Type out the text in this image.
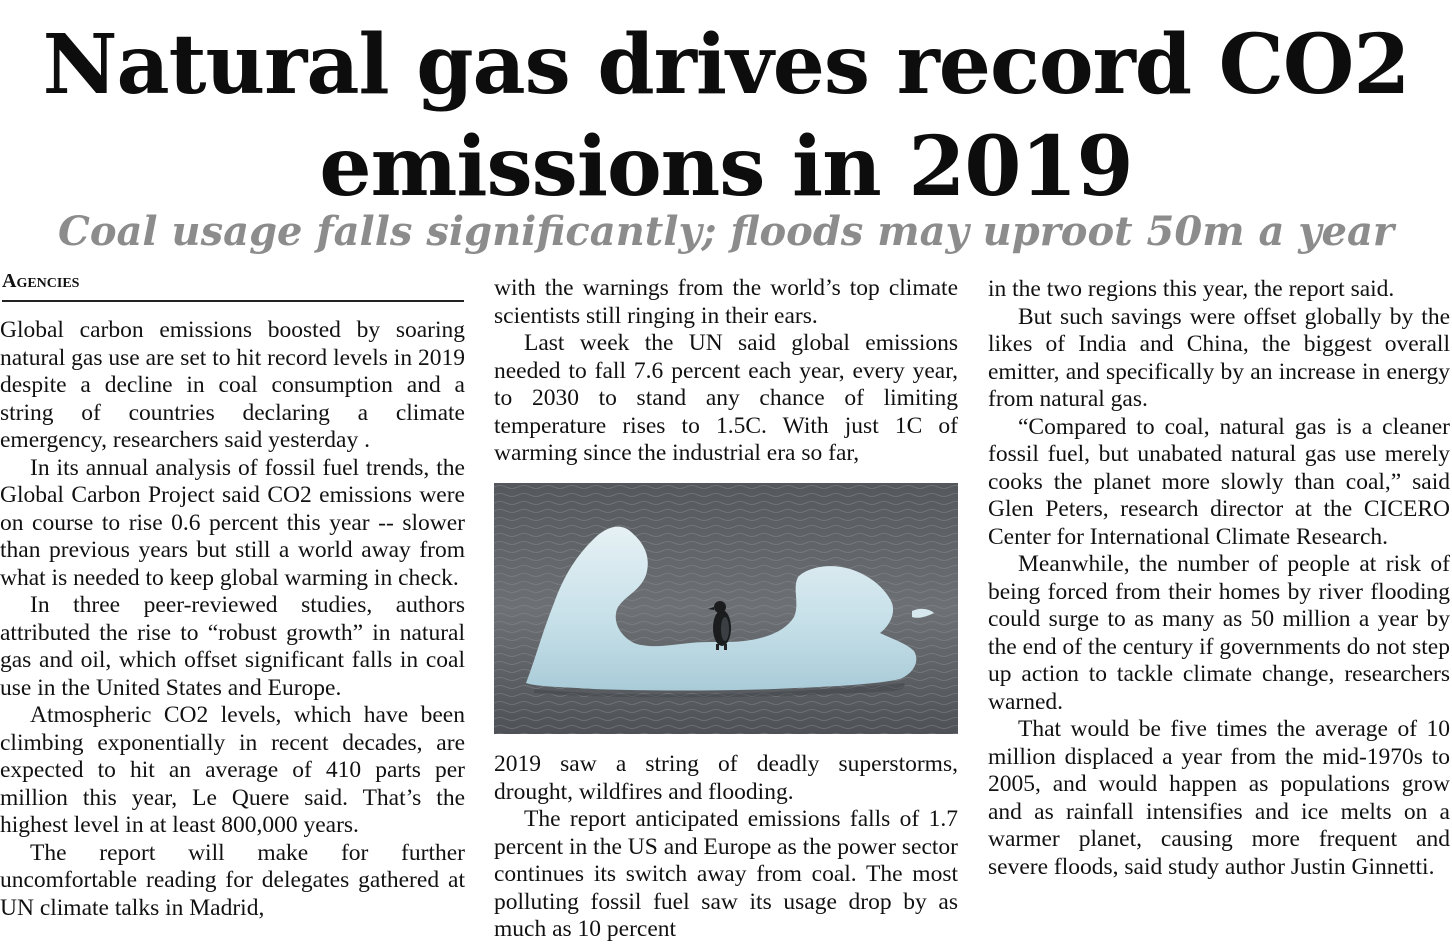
Natural gas drives record CO2
emissions in 2019
Coal usage falls significantly; floods may uproot 50m a year
Agencies

Global carbon emissions boosted by soaring natural gas use are set to hit record levels in 2019 despite a decline in coal consumption and a string of countries declaring a climate emergency, researchers said yesterday .

In its annual analysis of fossil fuel trends, the Global Carbon Project said CO2 emissions were on course to rise 0.6 percent this year -- slower than previous years but still a world away from what is needed to keep global warming in check.

In three peer-reviewed studies, authors attributed the rise to “robust growth” in natural gas and oil, which offset significant falls in coal use in the United States and Europe.

Atmospheric CO2 levels, which have been climbing exponentially in recent decades, are expected to hit an average of 410 parts per million this year, Le Quere said. That’s the highest level in at least 800,000 years.

The report will make for further uncomfortable reading for delegates gathered at UN climate talks in Madrid,

with the warnings from the world’s top climate scientists still ringing in their ears.

Last week the UN said global emissions needed to fall 7.6 percent each year, every year, to 2030 to stand any chance of limiting temperature rises to 1.5C. With just 1C of warming since the industrial era so far,

2019 saw a string of deadly superstorms, drought, wildfires and flooding.

The report anticipated emissions falls of 1.7 percent in the US and Europe as the power sector continues its switch away from coal. The most polluting fossil fuel saw its usage drop by as much as 10 percent

in the two regions this year, the report said.

But such savings were offset globally by the likes of India and China, the biggest overall emitter, and specifically by an increase in energy from natural gas.

“Compared to coal, natural gas is a cleaner fossil fuel, but unabated natural gas use merely cooks the planet more slowly than coal,” said Glen Peters, research director at the CICERO Center for International Climate Research.

Meanwhile, the number of people at risk of being forced from their homes by river flooding could surge to as many as 50 million a year by the end of the century if governments do not step up action to tackle climate change, researchers warned.

That would be five times the average of 10 million displaced a year from the mid-1970s to 2005, and would happen as populations grow and as rainfall intensifies and ice melts on a warmer planet, causing more frequent and severe floods, said study author Justin Ginnetti.
